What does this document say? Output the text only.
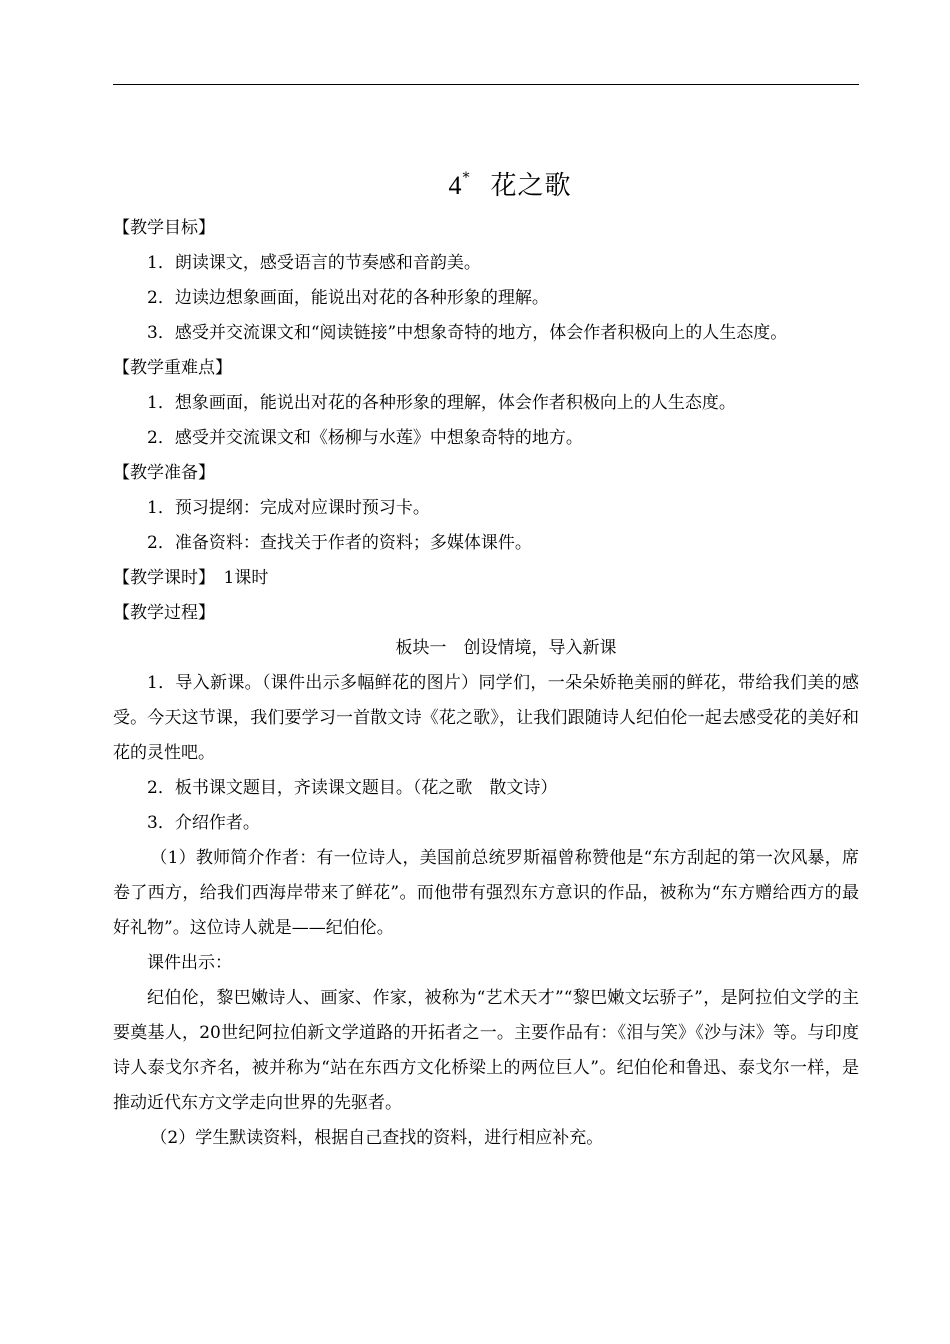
4* 花之歌

【教学目标】

1．朗读课文，感受语言的节奏感和音韵美。

2．边读边想象画面，能说出对花的各种形象的理解。

3．感受并交流课文和“阅读链接”中想象奇特的地方，体会作者积极向上的人生态度。

【教学重难点】

1．想象画面，能说出对花的各种形象的理解，体会作者积极向上的人生态度。

2．感受并交流课文和《杨柳与水莲》中想象奇特的地方。

【教学准备】

1．预习提纲：完成对应课时预习卡。

2．准备资料：查找关于作者的资料；多媒体课件。

【教学课时】　 1课时

【教学过程】

板块一　创设情境，导入新课

1．导入新课。（课件出示多幅鲜花的图片）同学们，一朵朵娇艳美丽的鲜花，带给我们美的感受。今天这节课，我们要学习一首散文诗《花之歌》，让我们跟随诗人纪伯伦一起去感受花的美好和花的灵性吧。

2．板书课文题目，齐读课文题目。（花之歌　散文诗）

3．介绍作者。

（1）教师简介作者：有一位诗人，美国前总统罗斯福曾称赞他是“东方刮起的第一次风暴，席卷了西方，给我们西海岸带来了鲜花”。而他带有强烈东方意识的作品，被称为“东方赠给西方的最好礼物”。这位诗人就是——纪伯伦。

课件出示：

纪伯伦，黎巴嫩诗人、画家、作家，被称为“艺术天才”“黎巴嫩文坛骄子”，是阿拉伯文学的主要奠基人，20世纪阿拉伯新文学道路的开拓者之一。主要作品有：《泪与笑》《沙与沫》等。与印度诗人泰戈尔齐名，被并称为“站在东西方文化桥梁上的两位巨人”。纪伯伦和鲁迅、泰戈尔一样，是推动近代东方文学走向世界的先驱者。

（2）学生默读资料，根据自己查找的资料，进行相应补充。
